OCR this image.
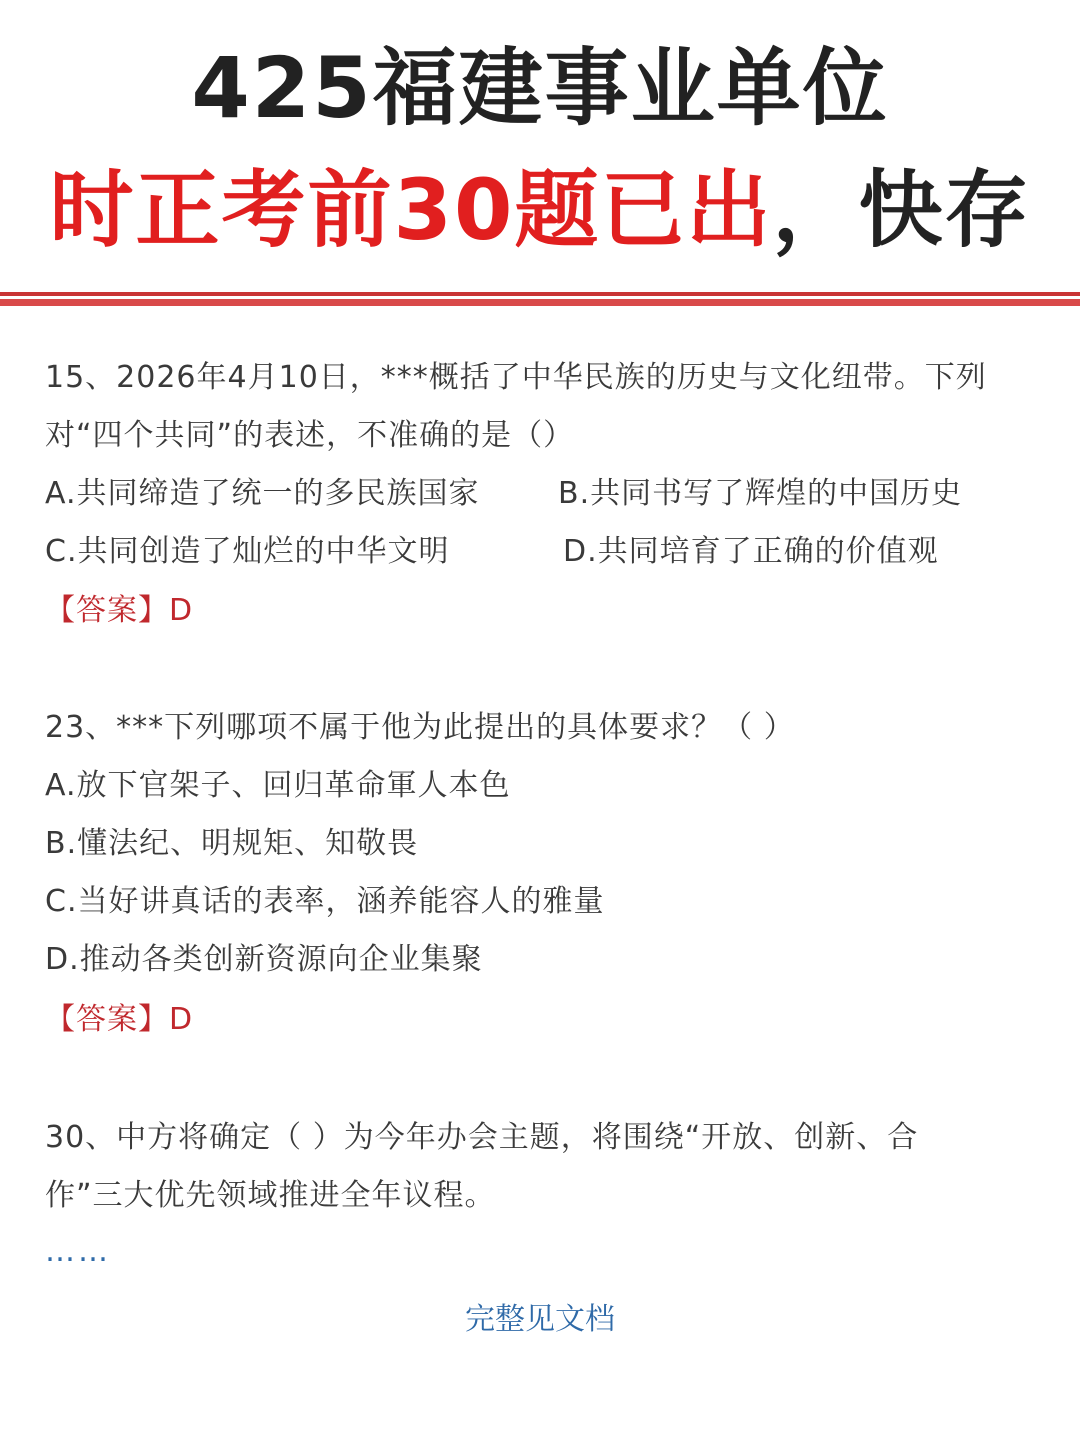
425福建事业单位
时正考前30题已出，快存
15、2026年4月10日，***概括了中华民族的历史与文化纽带。下列
对“四个共同”的表述，不准确的是（）
A.共同缔造了统一的多民族国家	B.共同书写了辉煌的中国历史
C.共同创造了灿烂的中华文明	D.共同培育了正确的价值观
【答案】D
23、***下列哪项不属于他为此提出的具体要求？（ ）
A.放下官架子、回归革命軍人本色
B.懂法纪、明规矩、知敬畏
C.当好讲真话的表率，涵养能容人的雅量
D.推动各类创新资源向企业集聚
【答案】D
30、中方将确定（ ）为今年办会主题，将围绕“开放、创新、合
作”三大优先领域推进全年议程。
……
完整见文档
